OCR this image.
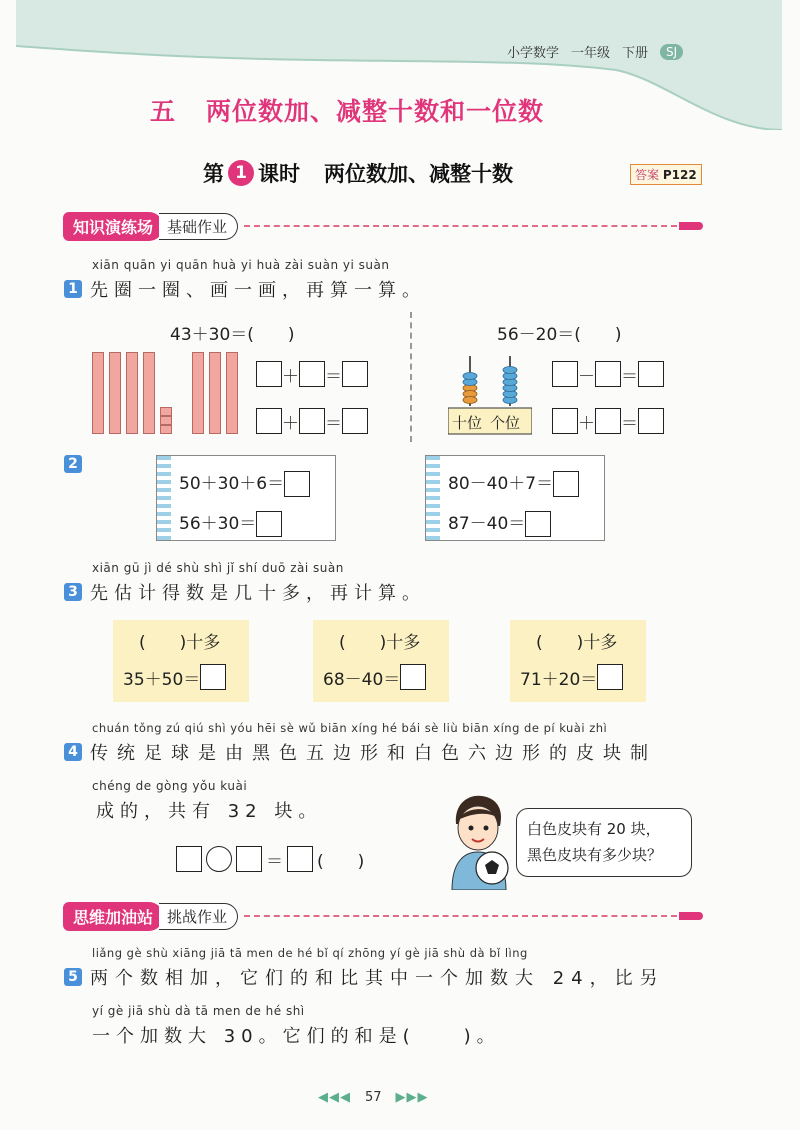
小学数学 一年级 下册	SJ
五 两位数加、减整十数和一位数
第 1 课时 两位数加、减整十数	答案 P122
知识演练场 基础作业
xiān quān yi quān huà yi huà zài suàn yi suàn
1 先圈一圈、画一画，再算一算。
43＋30＝(　　)	56－20＝(　　)
＋ ＝
＋ ＝	十位 个位
－ ＝
＋ ＝
2
50＋30＋6＝
56＋30＝
80－40＋7＝
87－40＝
xiān gū jì dé shù shì jǐ shí duō zài suàn
3 先估计得数是几十多，再计算。
(　　)十多
35＋50＝
(　　)十多
68－40＝
(　　)十多
71＋20＝
chuán tǒng zú qiú shì yóu hēi sè wǔ biān xíng hé bái sè liù biān xíng de pí kuài zhì
4 传统足球是由黑色五边形和白色六边形的皮块制
chéng de gòng yǒu kuài
成的，共有 32 块。
＝ (　　)
白色皮块有 20 块，
黑色皮块有多少块？
思维加油站 挑战作业
liǎng gè shù xiāng jiā tā men de hé bǐ qí zhōng yí gè jiā shù dà bǐ lìng
5 两个数相加，它们的和比其中一个加数大 24，比另
yí gè jiā shù dà tā men de hé shì
一个加数大 30。它们的和是(　　)。
◀◀◀ 57 ▶▶▶
